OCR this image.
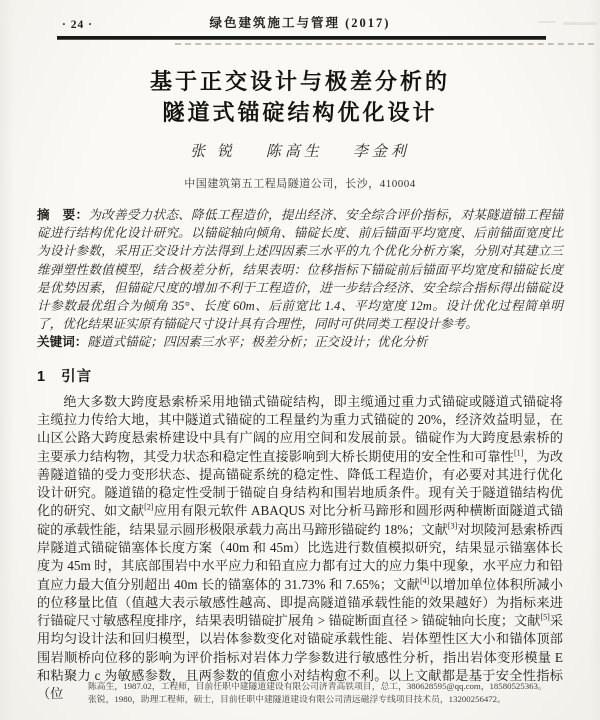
· 24 ·	绿色建筑施工与管理 (2017)
基于正交设计与极差分析的
隧道式锚碇结构优化设计
张 锐 陈高生 李金利
中国建筑第五工程局隧道公司，长沙，410004

摘　要：为改善受力状态、降低工程造价，提出经济、安全综合评价指标，对某隧道锚工程锚碇进行结构优化设计研究。以锚碇轴向倾角、锚碇长度、前后锚面平均宽度、后前锚面宽度比为设计参数，采用正交设计方法得到上述四因素三水平的九个优化分析方案，分别对其建立三维弹塑性数值模型，结合极差分析，结果表明：位移指标下锚碇前后锚面平均宽度和锚碇长度是优势因素，但锚碇尺度的增加不利于工程造价，进一步结合经济、安全综合指标得出锚碇设计参数最优组合为倾角 35°、长度 60m、后前宽比 1.4、平均宽度 12m。设计优化过程简单明了，优化结果证实原有锚碇尺寸设计具有合理性，同时可供同类工程设计参考。

关键词：隧道式锚碇；四因素三水平；极差分析；正交设计；优化分析

1 引言

绝大多数大跨度悬索桥采用地锚式锚碇结构，即主缆通过重力式锚碇或隧道式锚碇将主缆拉力传给大地，其中隧道式锚碇的工程量约为重力式锚碇的 20%，经济效益明显，在山区公路大跨度悬索桥建设中具有广阔的应用空间和发展前景。锚碇作为大跨度悬索桥的主要承力结构物，其受力状态和稳定性直接影响到大桥长期使用的安全性和可靠性[1]，为改善隧道锚的受力变形状态、提高锚碇系统的稳定性、降低工程造价，有必要对其进行优化设计研究。隧道锚的稳定性受制于锚碇自身结构和围岩地质条件。现有关于隧道锚结构优化的研究、如文献[2]应用有限元软件 ABAQUS 对比分析马蹄形和圆形两种横断面隧道式锚碇的承载性能，结果显示圆形极限承载力高出马蹄形锚碇约 18%；文献[3]对坝陵河悬索桥西岸隧道式锚碇锚塞体长度方案（40m 和 45m）比选进行数值模拟研究，结果显示锚塞体长度为 45m 时，其底部围岩中水平应力和铅直应力都有过大的应力集中现象，水平应力和铅直应力最大值分别超出 40m 长的锚塞体的 31.73% 和 7.65%；文献[4]以增加单位体积所减小的位移量比值（值越大表示敏感性越高、即提高隧道锚承载性能的效果越好）为指标来进行锚碇尺寸敏感程度排序，结果表明锚碇扩展角 > 锚碇断面直径 > 锚碇轴向长度；文献[5]采用均匀设计法和回归模型，以岩体参数变化对锚碇承载性能、岩体塑性区大小和锚体顶部围岩顺桥向位移的影响为评价指标对岩体力学参数进行敏感性分析，指出岩体变形模量 E 和粘聚力 c 为敏感参数，且两参数的值愈小对结构愈不利。以上文献都是基于安全性指标（位

陈高生，1987.02，工程师，目前任职中建隧道建设有限公司济青高铁项目，总工，380628595@qq.com，18580525363。

张锐，1980，助理工程师，硕士，目前任职中建隧道建设有限公司清远磁浮专线项目技术员，13200256472。
